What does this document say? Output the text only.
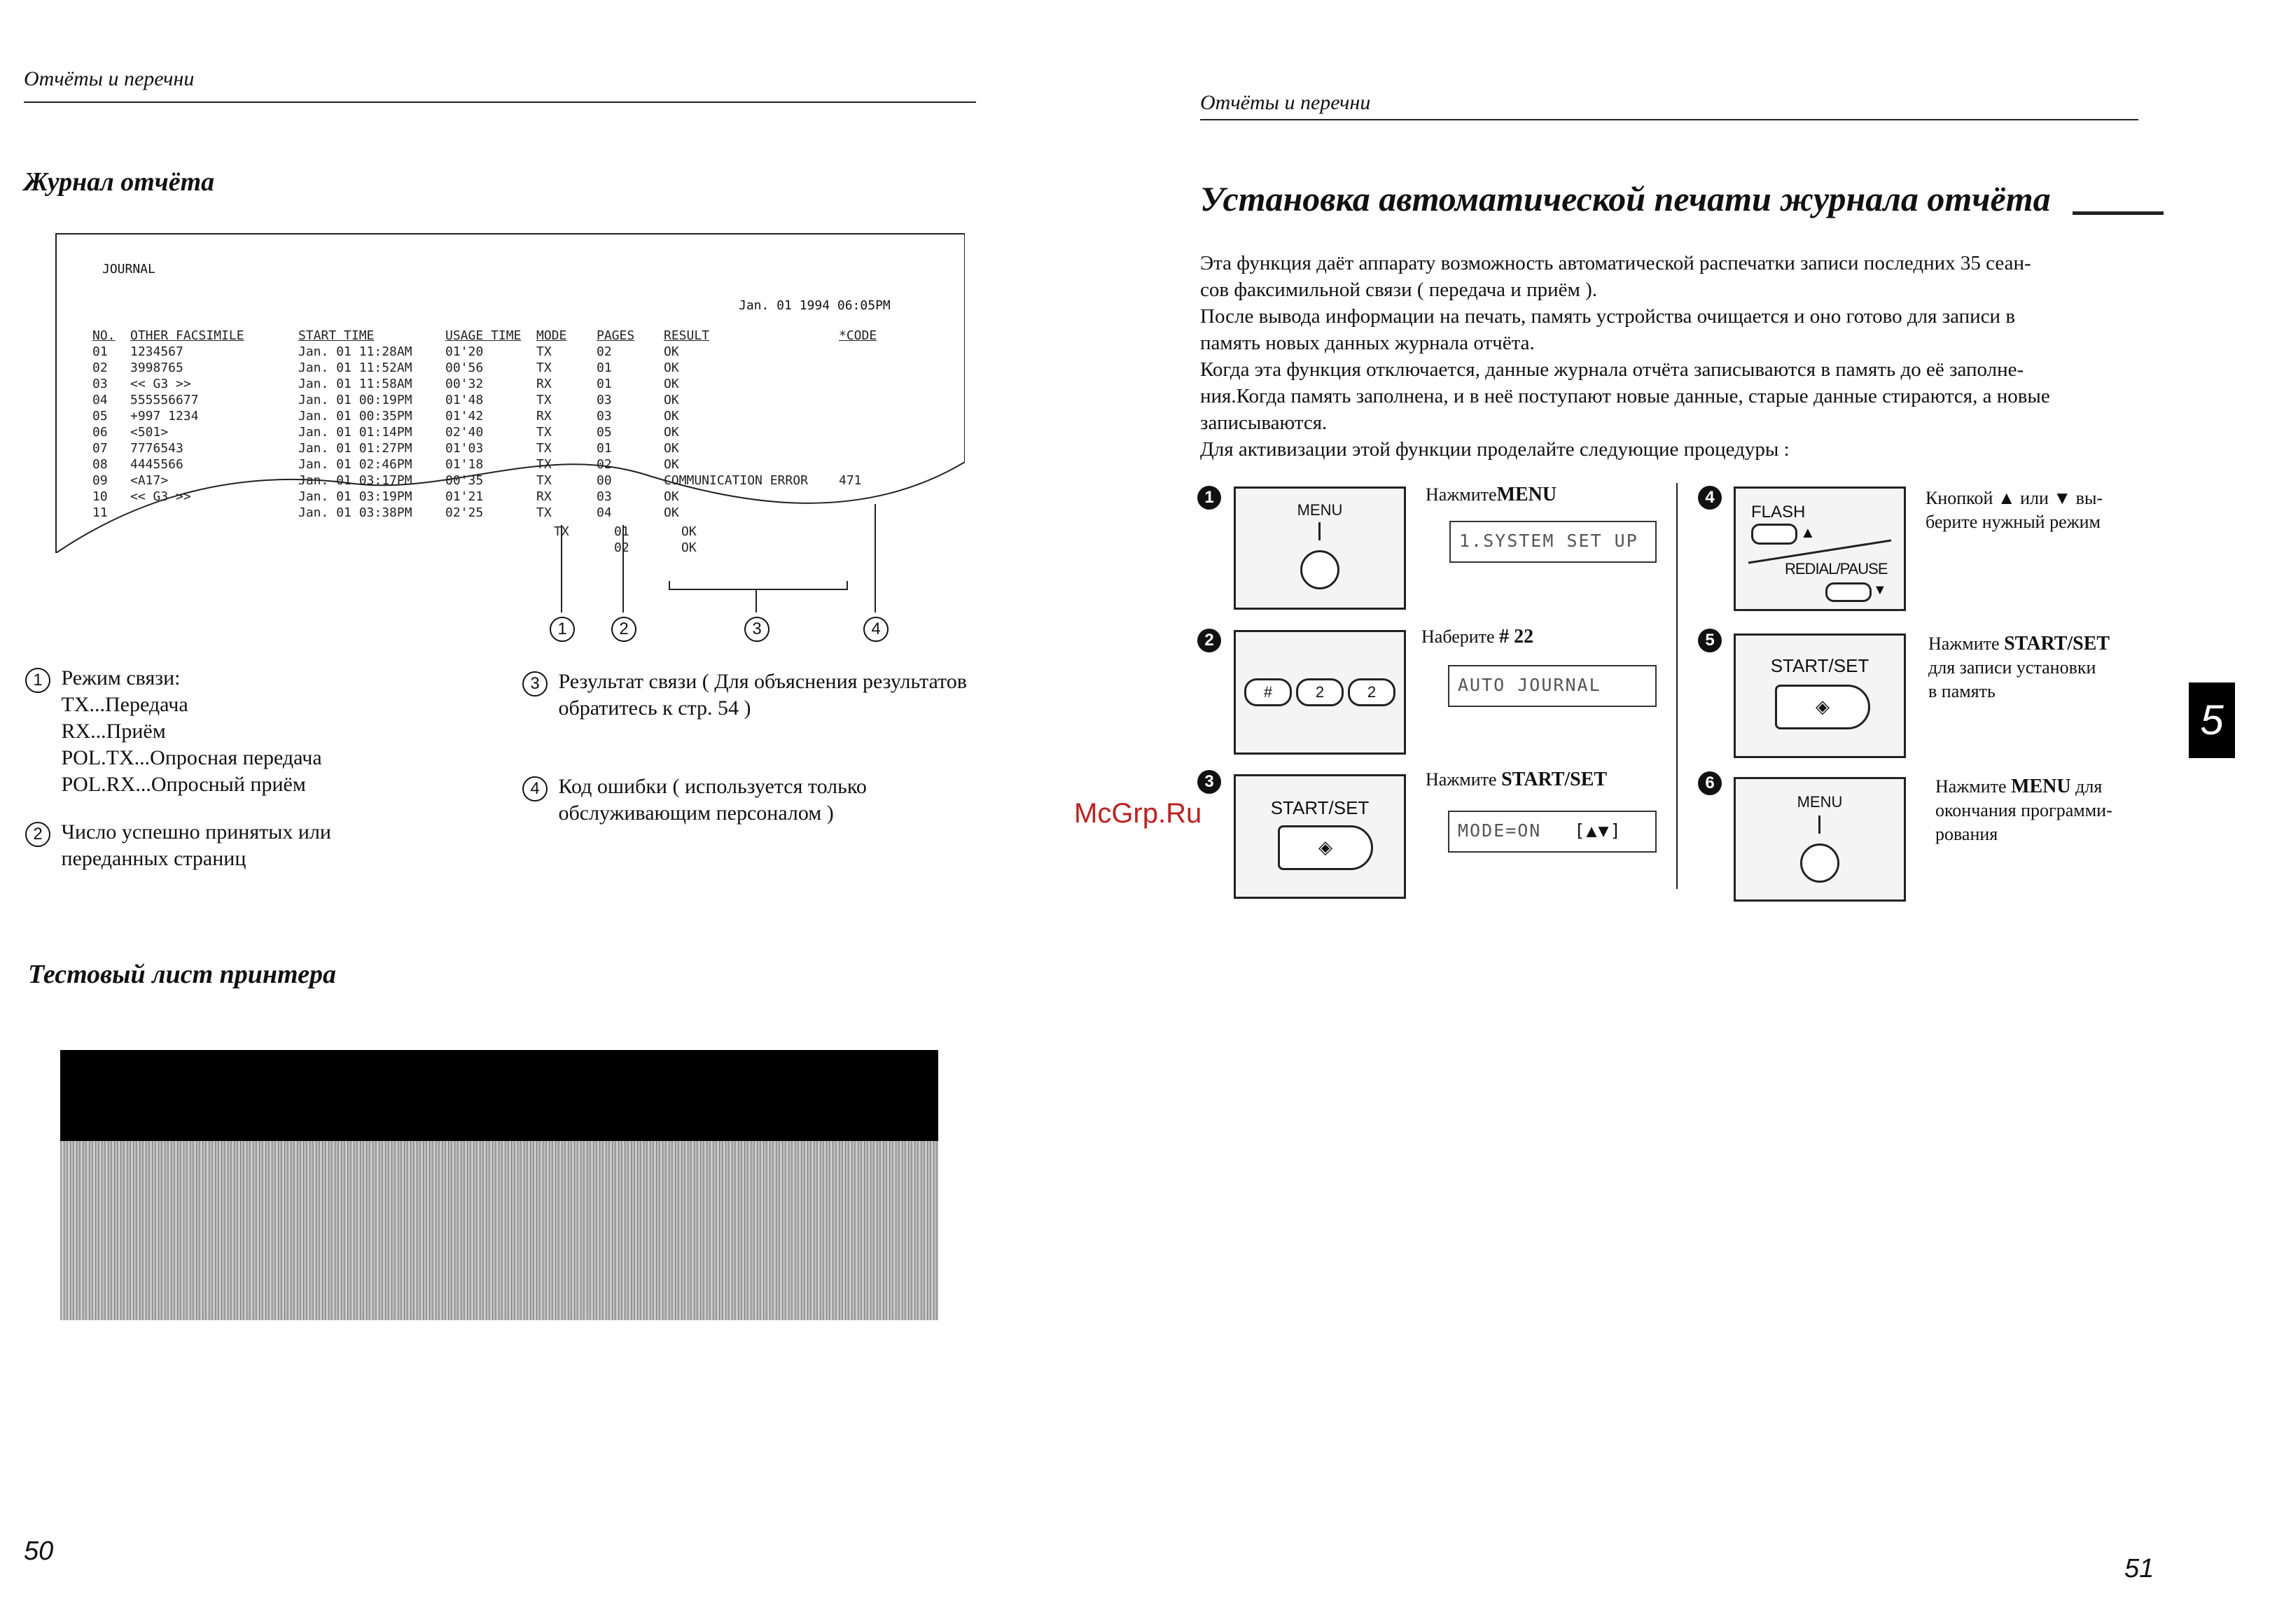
Отчёты и перечни
Журнал отчёта
JOURNAL
Jan. 01 1994 06:05PM
NO.	OTHER FACSIMILE	START TIME	USAGE TIME	MODE	PAGES	RESULT	*CODE
01	1234567	Jan. 01 11:28AM	01'20	TX	02	OK	
02	3998765	Jan. 01 11:52AM	00'56	TX	01	OK	
03	<< G3 >>	Jan. 01 11:58AM	00'32	RX	01	OK	
04	555556677	Jan. 01 00:19PM	01'48	TX	03	OK	
05	+997 1234	Jan. 01 00:35PM	01'42	RX	03	OK	
06	<501>	Jan. 01 01:14PM	02'40	TX	05	OK	
07	7776543	Jan. 01 01:27PM	01'03	TX	01	OK	
08	4445566	Jan. 01 02:46PM	01'18	TX	02	OK	
09	<A17>	Jan. 01 03:17PM	00'35	TX	00	COMMUNICATION ERROR	471
10	<< G3 >>	Jan. 01 03:19PM	01'21	RX	03	OK	
11		Jan. 01 03:38PM	02'25	TX	04	OK	
TX	01	OK
02	OK
1	2	3	4
1 Режим связи:
TX...Передача
RX...Приём
POL.TX...Опросная передача
POL.RX...Опросный приём
2 Число успешно принятых или
переданных страниц
3 Результат связи ( Для объяснения результатов
обратитесь к стр. 54 )
4 Код ошибки ( используется только
обслуживающим персоналом )
Тестовый лист принтера
50
McGrp.Ru
Отчёты и перечни
Установка автоматической печати журнала отчёта
Эта функция даёт аппарату возможность автоматической распечатки записи последних 35 сеан-
сов факсимильной связи ( передача и приём ).
После вывода информации на печать, память устройства очищается и оно готово для записи в
память новых данных журнала отчёта.
Когда эта функция отключается, данные журнала отчёта записываются в память до её заполне-
ния.Когда память заполнена, и в неё поступают новые данные, старые данные стираются, а новые
записываются.
Для активизации этой функции проделайте следующие процедуры :
1
MENU
НажмитеMENU
1.SYSTEM SET UP
2
#	2	2
Наберите # 22
AUTO JOURNAL
3
START/SET
◈
Нажмите START/SET
MODE=ON [▲▼]
4
FLASH
▲
REDIAL/PAUSE
▼
Кнопкой ▲ или ▼ вы-
берите нужный режим
5
START/SET
◈
Нажмите START/SET
для записи установки
в память
6
MENU
Нажмите MENU для
окончания программи-
рования
5
51
